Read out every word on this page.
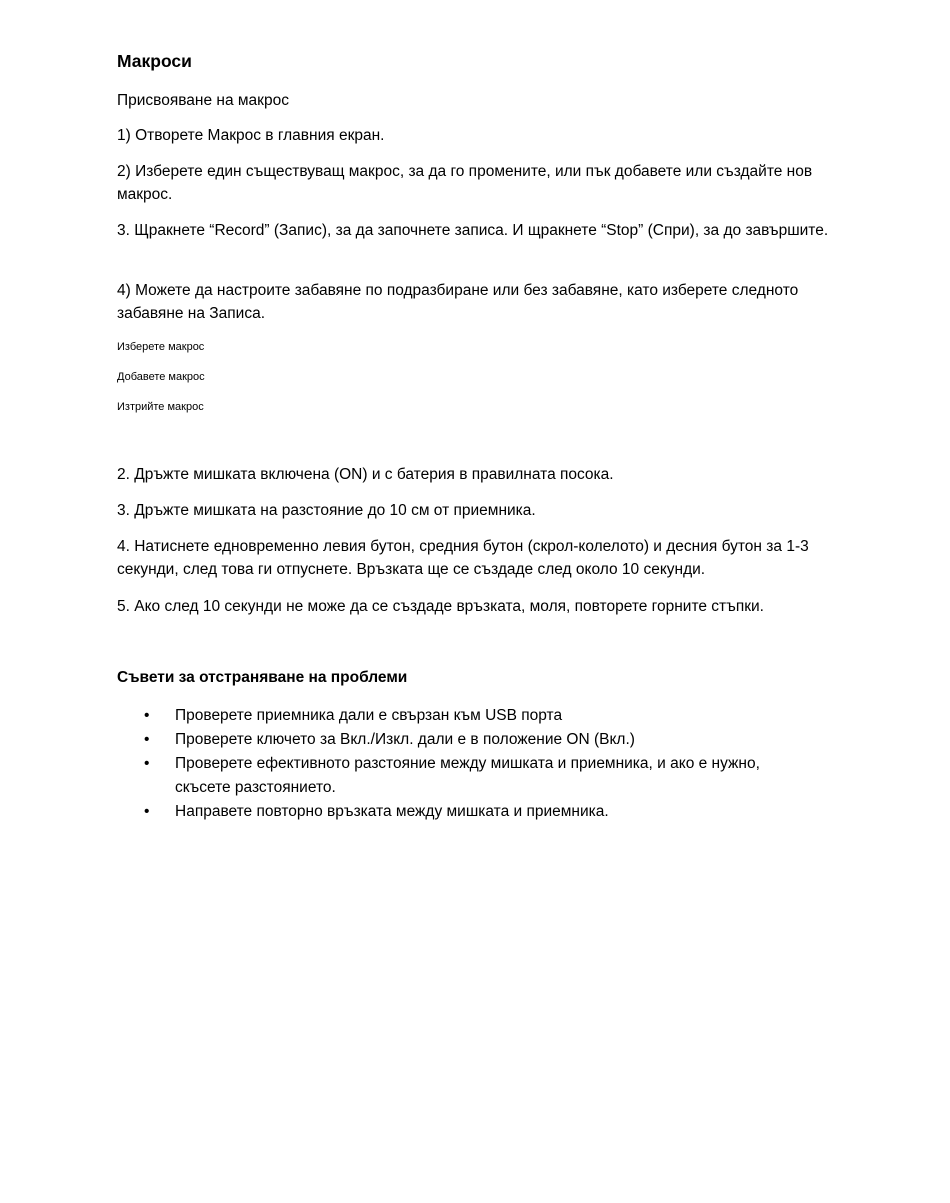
Макроси

Присвояване на макрос

1) Отворете Макрос в главния екран.

2) Изберете един съществуващ макрос, за да го промените, или пък добавете или създайте нов макрос.

3. Щракнете “Record” (Запис), за да започнете записа. И щракнете “Stop” (Спри), за до завършите.

4) Можете да настроите забавяне по подразбиране или без забавяне, като изберете следното забавяне на Записа.

Изберете макрос

Добавете макрос

Изтрийте макрос

2. Дръжте мишката включена (ON) и с батерия в правилната посока.

3. Дръжте мишката на разстояние до 10 см от приемника.

4. Натиснете едновременно левия бутон, средния бутон (скрол-колелото) и десния бутон за 1-3 секунди, след това ги отпуснете. Връзката ще се създаде след около 10 секунди.

5. Ако след 10 секунди не може да се създаде връзката, моля, повторете горните стъпки.

Съвети за отстраняване на проблеми
• Проверете приемника дали е свързан към USB порта
• Проверете ключето за Вкл./Изкл. дали е в положение ON (Вкл.)
• Проверете ефективното разстояние между мишката и приемника, и ако е нужно, скъсете разстоянието.
• Направете повторно връзката между мишката и приемника.
